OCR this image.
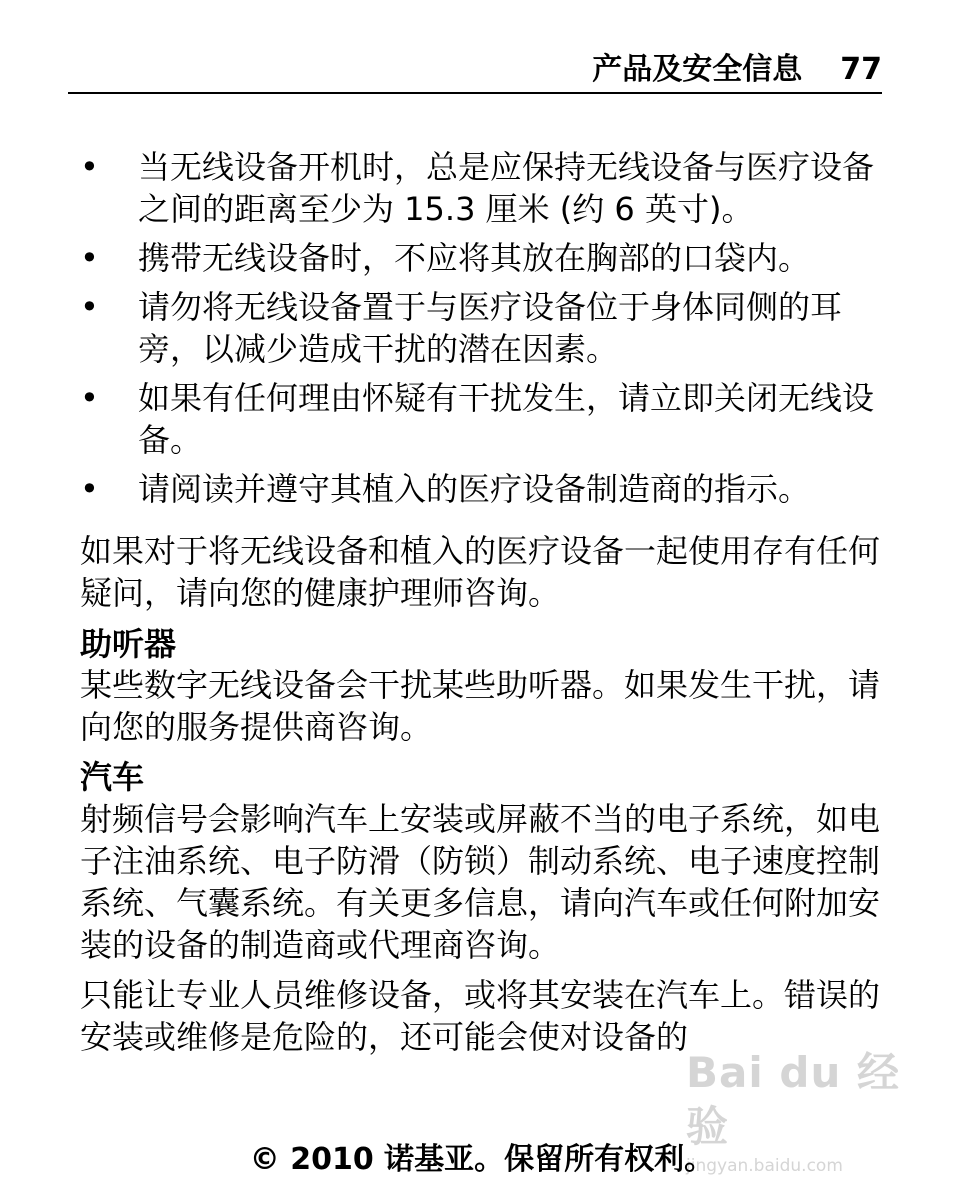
产品及安全信息 77
• 当无线设备开机时，总是应保持无线设备与医疗设备之间的距离至少为 15.3 厘米 (约 6 英寸)。
• 携带无线设备时，不应将其放在胸部的口袋内。
• 请勿将无线设备置于与医疗设备位于身体同侧的耳旁，以减少造成干扰的潜在因素。
• 如果有任何理由怀疑有干扰发生，请立即关闭无线设备。
• 请阅读并遵守其植入的医疗设备制造商的指示。

如果对于将无线设备和植入的医疗设备一起使用存有任何疑问，请向您的健康护理师咨询。

助听器

某些数字无线设备会干扰某些助听器。如果发生干扰，请向您的服务提供商咨询。

汽车

射频信号会影响汽车上安装或屏蔽不当的电子系统，如电子注油系统、电子防滑（防锁）制动系统、电子速度控制系统、气囊系统。有关更多信息，请向汽车或任何附加安装的设备的制造商或代理商咨询。

只能让专业人员维修设备，或将其安装在汽车上。错误的安装或维修是危险的，还可能会使对设备的

Bai du 经验
jingyan.baidu.com
© 2010 诺基亚。保留所有权利。
